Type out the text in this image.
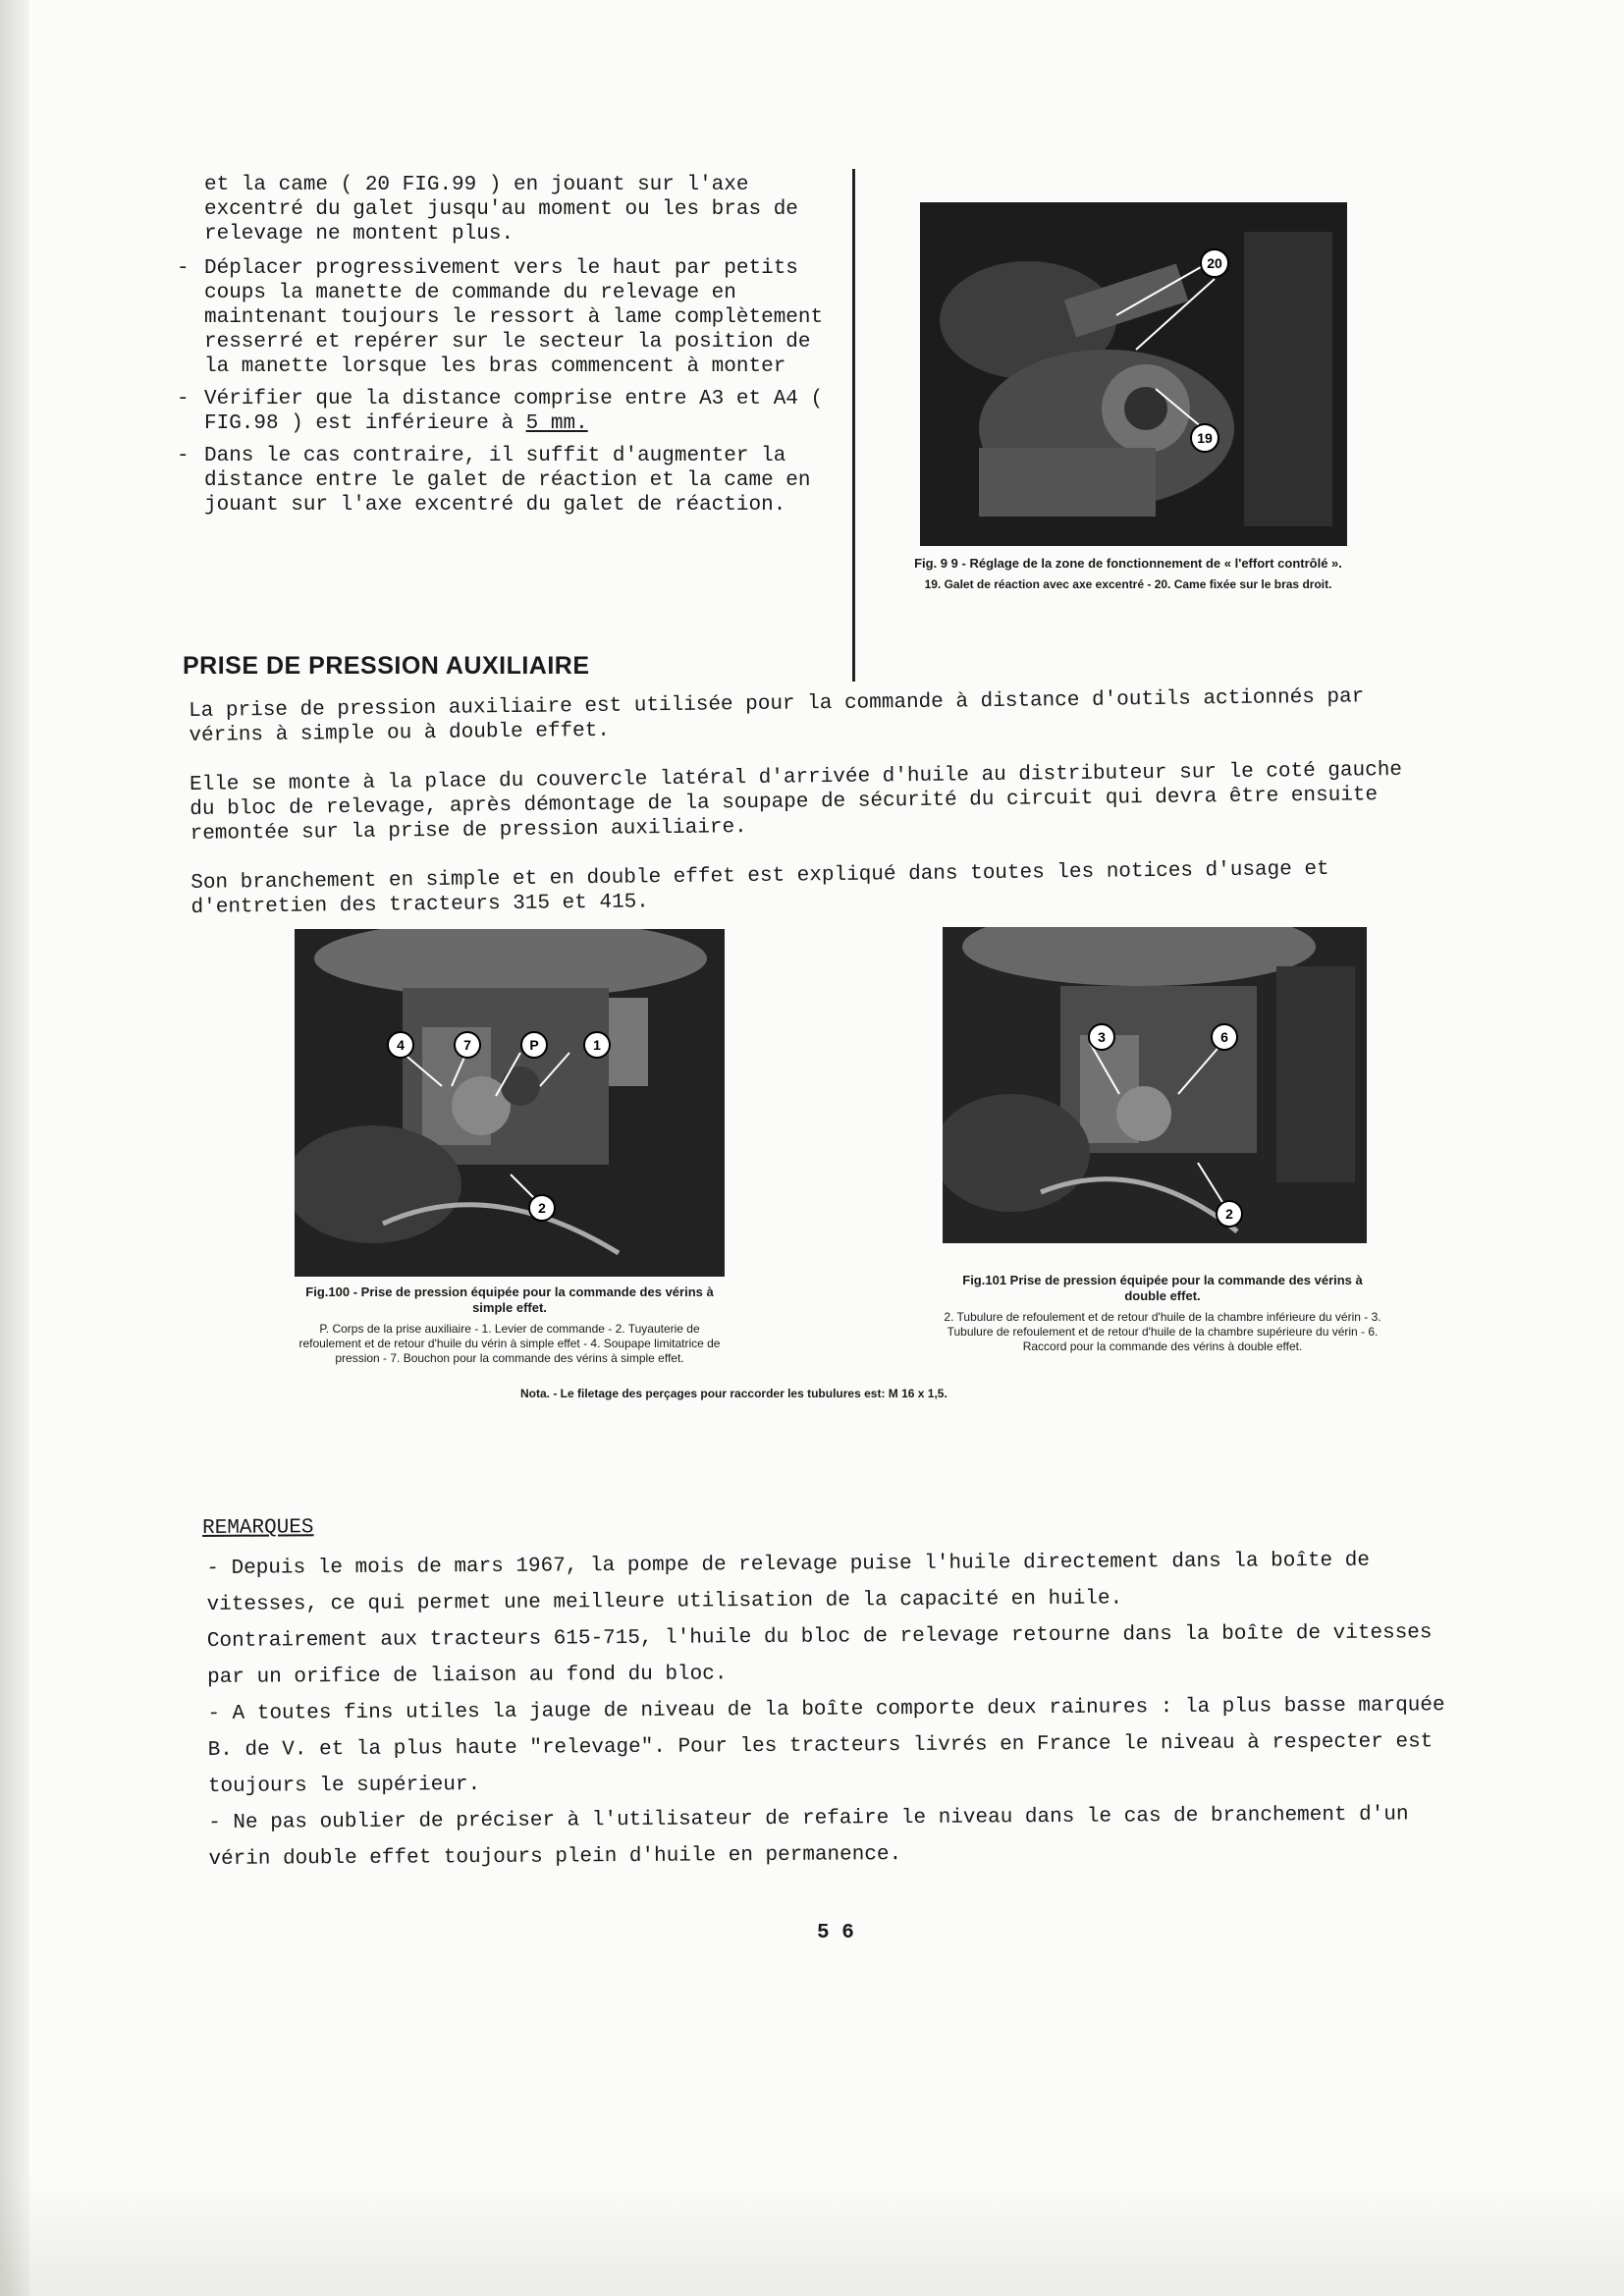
et la came ( 20 FIG.99 ) en jouant sur l'axe excentré du galet jusqu'au moment ou les bras de relevage ne montent plus.

- Déplacer progressivement vers le haut par petits coups la manette de commande du relevage en maintenant toujours le ressort à lame complètement resserré et repérer sur le secteur la position de la manette lorsque les bras commencent à monter
- Vérifier que la distance comprise entre A3 et A4 ( FIG.98 ) est inférieure à 5 mm.
- Dans le cas contraire, il suffit d'augmenter la distance entre le galet de réaction et la came en jouant sur l'axe excentré du galet de réaction.
20
19
Fig. 9 9 - Réglage de la zone de fonctionnement de « l'effort contrôlé ».
19. Galet de réaction avec axe excentré - 20. Came fixée sur le bras droit.
PRISE DE PRESSION AUXILIAIRE

La prise de pression auxiliaire est utilisée pour la commande à distance d'outils actionnés par vérins à simple ou à double effet.

Elle se monte à la place du couvercle latéral d'arrivée d'huile au distributeur sur le coté gauche du bloc de relevage, après démontage de la soupape de sécurité du circuit qui devra être ensuite remontée sur la prise de pression auxiliaire.

Son branchement en simple et en double effet est expliqué dans toutes les notices d'usage et d'entretien des tracteurs 315 et 415.

4	7	P	1
2
Fig.100 - Prise de pression équipée pour la commande des vérins à simple effet.
P. Corps de la prise auxiliaire - 1. Levier de commande - 2. Tuyauterie de refoulement et de retour d'huile du vérin à simple effet - 4. Soupape limitatrice de pression - 7. Bouchon pour la commande des vérins à simple effet.
3	6
2
Fig.101 Prise de pression équipée pour la commande des vérins à double effet.
2. Tubulure de refoulement et de retour d'huile de la chambre inférieure du vérin - 3. Tubulure de refoulement et de retour d'huile de la chambre supérieure du vérin - 6. Raccord pour la commande des vérins à double effet.
Nota. - Le filetage des perçages pour raccorder les tubulures est: M 16 x 1,5.
REMARQUES

- Depuis le mois de mars 1967, la pompe de relevage puise l'huile directement dans la boîte de vitesses, ce qui permet une meilleure utilisation de la capacité en huile.

Contrairement aux tracteurs 615-715, l'huile du bloc de relevage retourne dans la boîte de vitesses par un orifice de liaison au fond du bloc.

- A toutes fins utiles la jauge de niveau de la boîte comporte deux rainures : la plus basse marquée B. de V. et la plus haute "relevage". Pour les tracteurs livrés en France le niveau à respecter est toujours le supérieur.

- Ne pas oublier de préciser à l'utilisateur de refaire le niveau dans le cas de branchement d'un vérin double effet toujours plein d'huile en permanence.

5 6
